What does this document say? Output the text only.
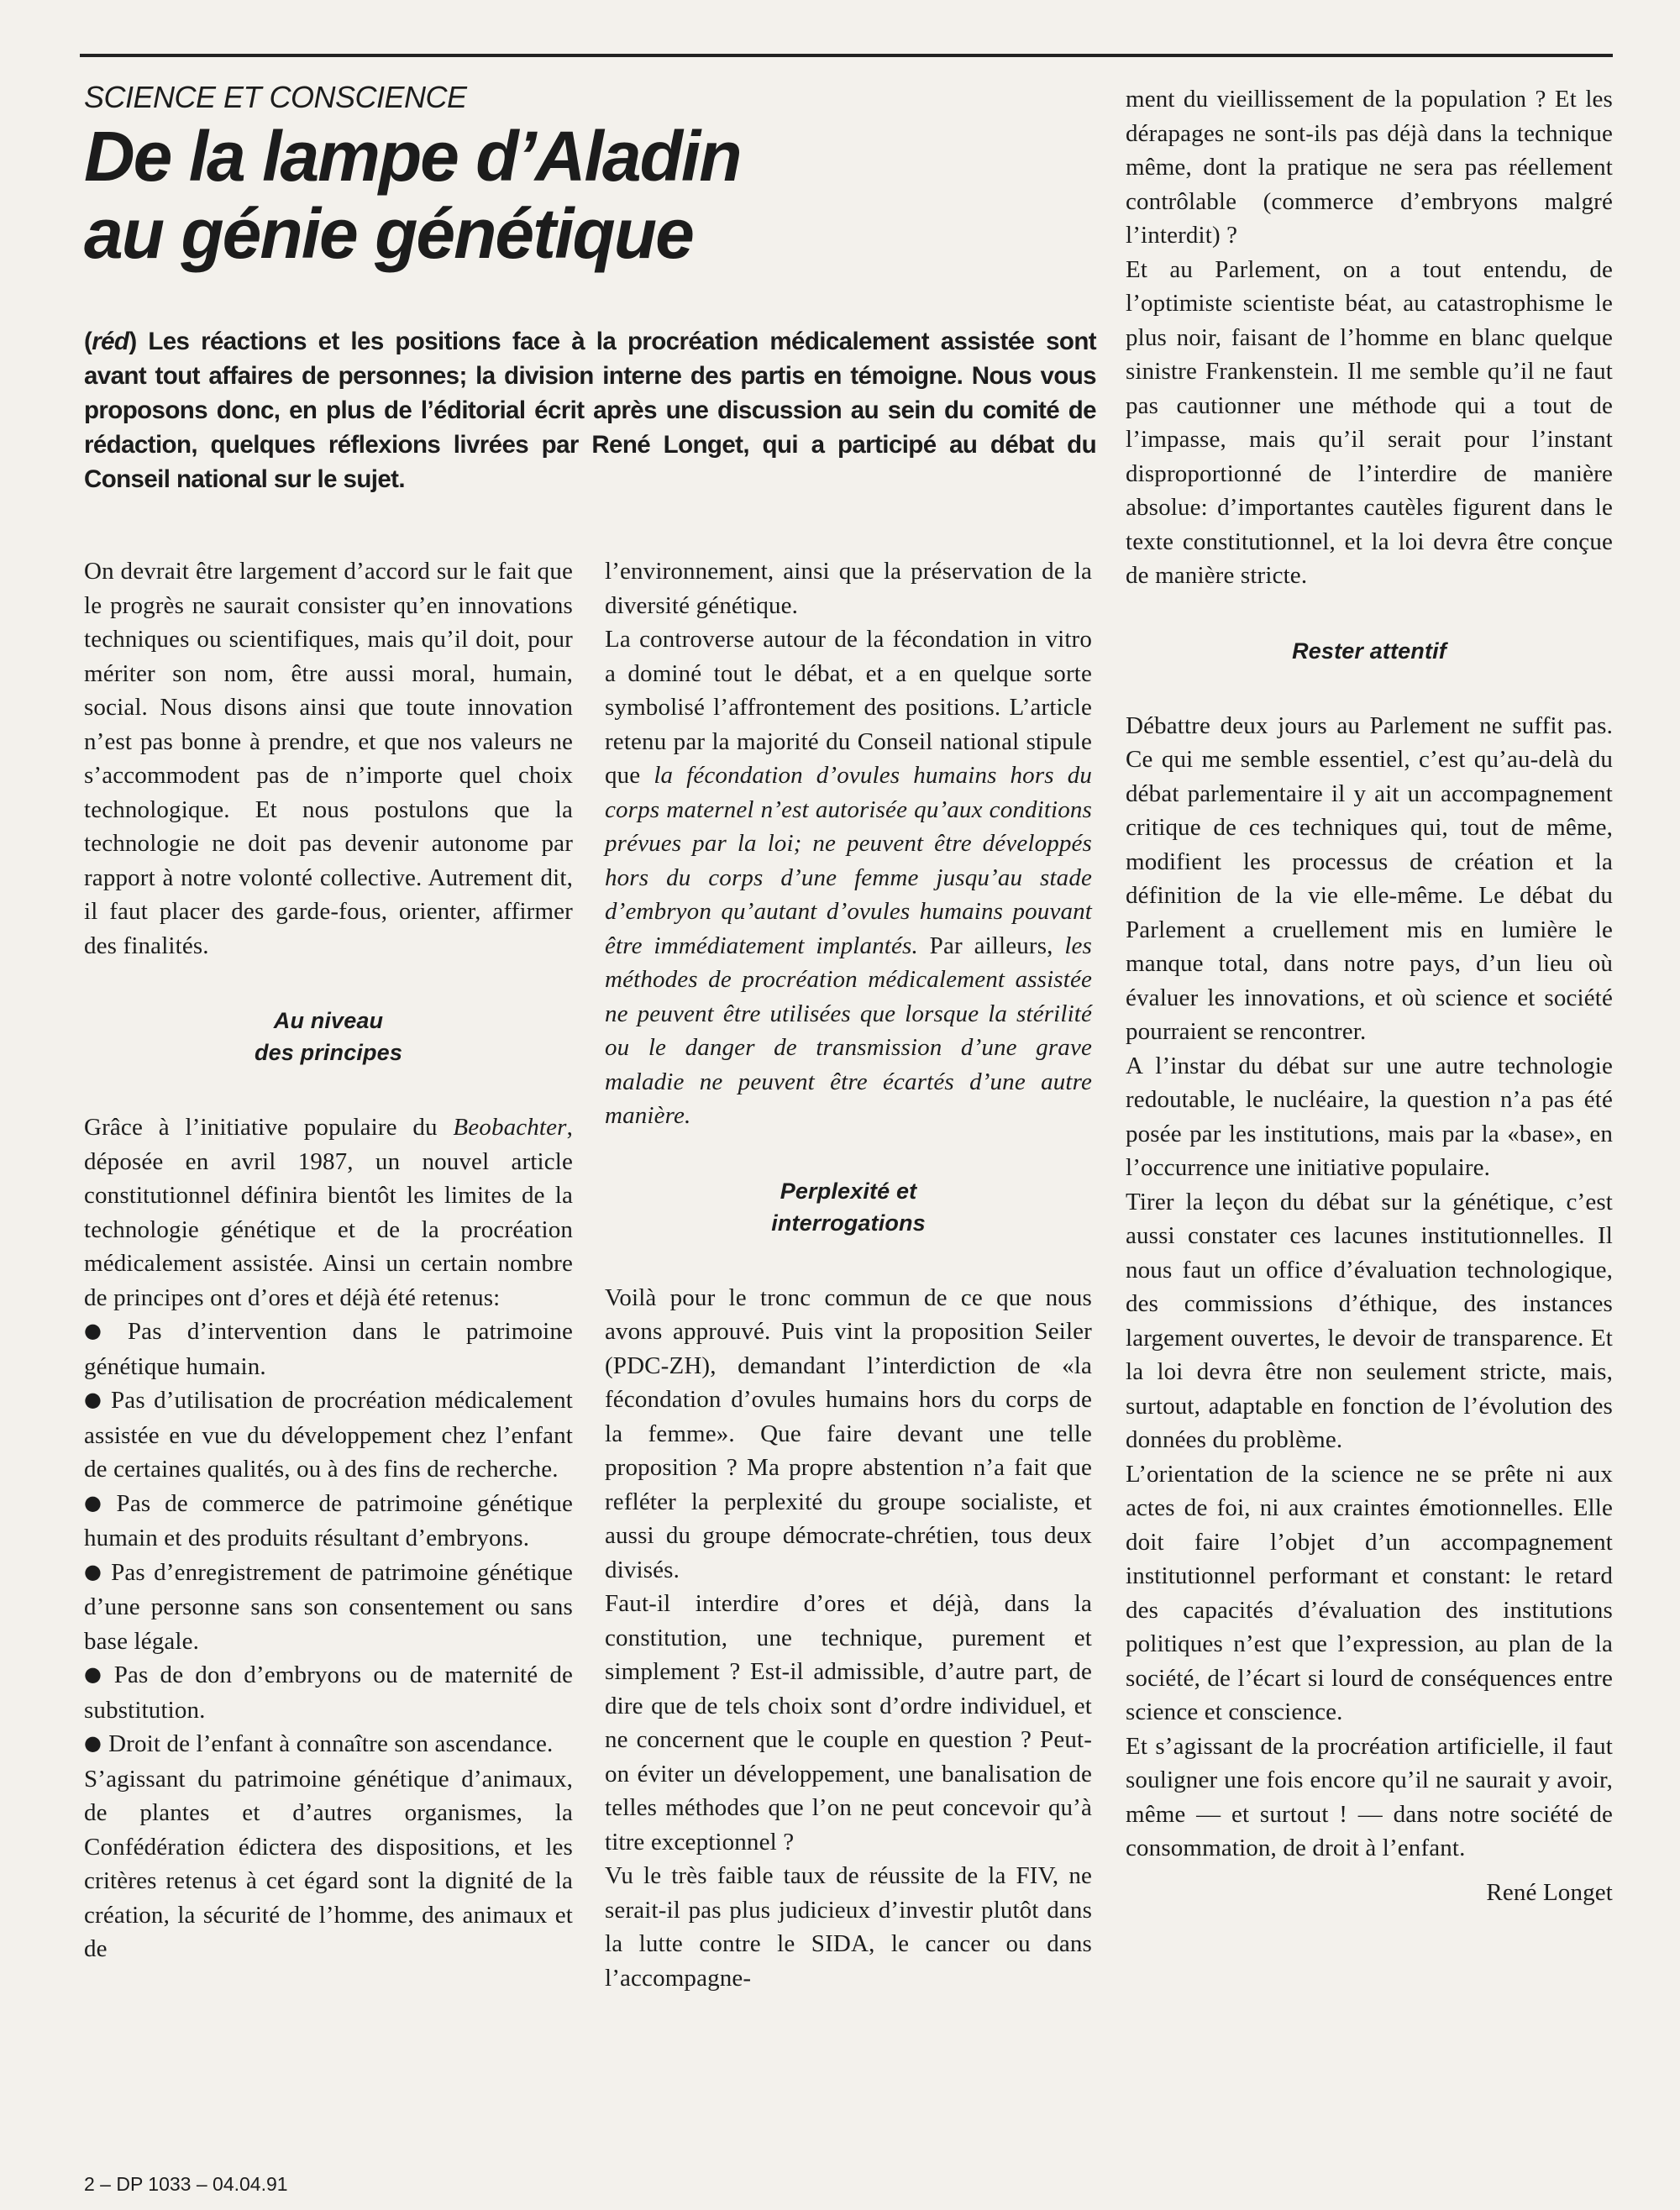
SCIENCE ET CONSCIENCE
De la lampe d’Aladin
au génie génétique

(réd) Les réactions et les positions face à la procréation médicalement assistée sont avant tout affaires de personnes; la division interne des partis en témoigne. Nous vous proposons donc, en plus de l’éditorial écrit après une discussion au sein du comité de rédaction, quelques réflexions livrées par René Longet, qui a participé au débat du Conseil national sur le sujet.

On devrait être largement d’accord sur le fait que le progrès ne saurait consister qu’en innovations techniques ou scientifiques, mais qu’il doit, pour mériter son nom, être aussi moral, humain, social. Nous disons ainsi que toute innovation n’est pas bonne à prendre, et que nos valeurs ne s’accommodent pas de n’importe quel choix technologique. Et nous postulons que la technologie ne doit pas devenir autonome par rapport à notre volonté collective. Autrement dit, il faut placer des garde-fous, orienter, affirmer des finalités.

Au niveau
des principes

Grâce à l’initiative populaire du Beobachter, déposée en avril 1987, un nouvel article constitutionnel définira bientôt les limites de la technologie génétique et de la procréation médicalement assistée. Ainsi un certain nombre de principes ont d’ores et déjà été retenus:

● Pas d’intervention dans le patrimoine génétique humain.

● Pas d’utilisation de procréation médicalement assistée en vue du développement chez l’enfant de certaines qualités, ou à des fins de recherche.

● Pas de commerce de patrimoine génétique humain et des produits résultant d’embryons.

● Pas d’enregistrement de patrimoine génétique d’une personne sans son consentement ou sans base légale.

● Pas de don d’embryons ou de maternité de substitution.

● Droit de l’enfant à connaître son ascendance.

S’agissant du patrimoine génétique d’animaux, de plantes et d’autres organismes, la Confédération édictera des dispositions, et les critères retenus à cet égard sont la dignité de la création, la sécurité de l’homme, des animaux et de

l’environnement, ainsi que la préservation de la diversité génétique.

La controverse autour de la fécondation in vitro a dominé tout le débat, et a en quelque sorte symbolisé l’affrontement des positions. L’article retenu par la majorité du Conseil national stipule que la fécondation d’ovules humains hors du corps maternel n’est autorisée qu’aux conditions prévues par la loi; ne peuvent être développés hors du corps d’une femme jusqu’au stade d’embryon qu’autant d’ovules humains pouvant être immédiatement implantés. Par ailleurs, les méthodes de procréation médicalement assistée ne peuvent être utilisées que lorsque la stérilité ou le danger de transmission d’une grave maladie ne peuvent être écartés d’une autre manière.

Perplexité et
interrogations

Voilà pour le tronc commun de ce que nous avons approuvé. Puis vint la proposition Seiler (PDC-ZH), demandant l’interdiction de «la fécondation d’ovules humains hors du corps de la femme». Que faire devant une telle proposition ? Ma propre abstention n’a fait que refléter la perplexité du groupe socialiste, et aussi du groupe démocrate-chrétien, tous deux divisés.

Faut-il interdire d’ores et déjà, dans la constitution, une technique, purement et simplement ? Est-il admissible, d’autre part, de dire que de tels choix sont d’ordre individuel, et ne concernent que le couple en question ? Peut-on éviter un développement, une banalisation de telles méthodes que l’on ne peut concevoir qu’à titre exceptionnel ?

Vu le très faible taux de réussite de la FIV, ne serait-il pas plus judicieux d’investir plutôt dans la lutte contre le SIDA, le cancer ou dans l’accompagne-

ment du vieillissement de la population ? Et les dérapages ne sont-ils pas déjà dans la technique même, dont la pratique ne sera pas réellement contrôlable (commerce d’embryons malgré l’interdit) ?

Et au Parlement, on a tout entendu, de l’optimiste scientiste béat, au catastrophisme le plus noir, faisant de l’homme en blanc quelque sinistre Frankenstein. Il me semble qu’il ne faut pas cautionner une méthode qui a tout de l’impasse, mais qu’il serait pour l’instant disproportionné de l’interdire de manière absolue: d’importantes cautèles figurent dans le texte constitutionnel, et la loi devra être conçue de manière stricte.

Rester attentif

Débattre deux jours au Parlement ne suffit pas. Ce qui me semble essentiel, c’est qu’au-delà du débat parlementaire il y ait un accompagnement critique de ces techniques qui, tout de même, modifient les processus de création et la définition de la vie elle-même. Le débat du Parlement a cruellement mis en lumière le manque total, dans notre pays, d’un lieu où évaluer les innovations, et où science et société pourraient se rencontrer.

A l’instar du débat sur une autre technologie redoutable, le nucléaire, la question n’a pas été posée par les institutions, mais par la «base», en l’occurrence une initiative populaire.

Tirer la leçon du débat sur la génétique, c’est aussi constater ces lacunes institutionnelles. Il nous faut un office d’évaluation technologique, des commissions d’éthique, des instances largement ouvertes, le devoir de transparence. Et la loi devra être non seulement stricte, mais, surtout, adaptable en fonction de l’évolution des données du problème.

L’orientation de la science ne se prête ni aux actes de foi, ni aux craintes émotionnelles. Elle doit faire l’objet d’un accompagnement institutionnel performant et constant: le retard des capacités d’évaluation des institutions politiques n’est que l’expression, au plan de la société, de l’écart si lourd de conséquences entre science et conscience.

Et s’agissant de la procréation artificielle, il faut souligner une fois encore qu’il ne saurait y avoir, même — et surtout ! — dans notre société de consommation, de droit à l’enfant.

René Longet

2 – DP 1033 – 04.04.91
